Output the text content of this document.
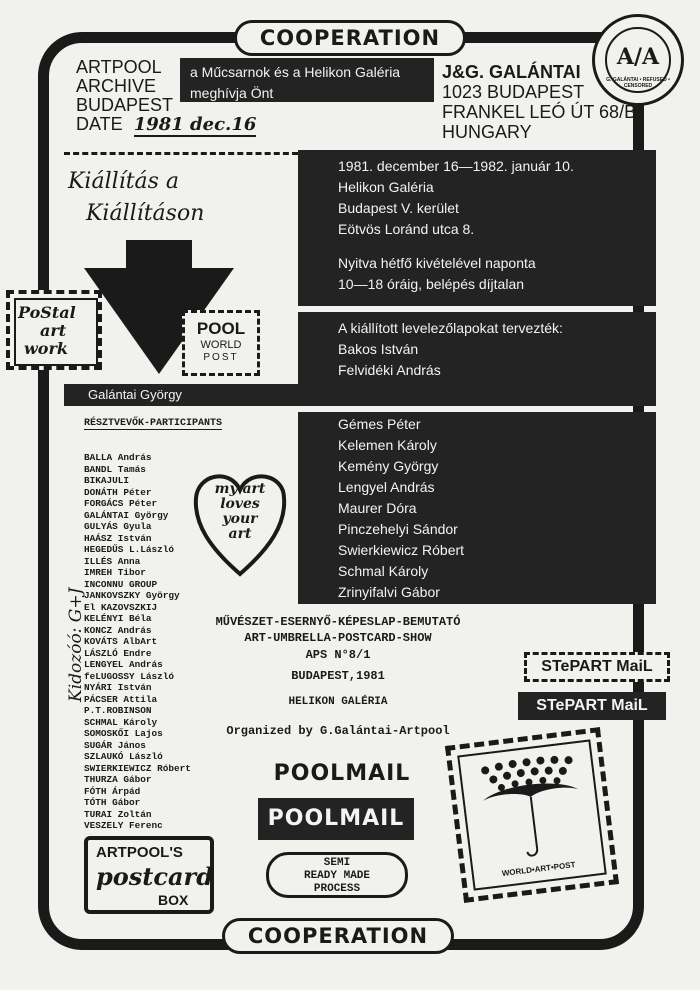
COOPERATION
A/A
G. GALÁNTAI • REFUSED • CENSORED
ARTPOOL
ARCHIVE
BUDAPEST
DATE 1981 dec.16
a Műcsarnok és a Helikon Galéria
meghívja Önt
J&G. GALÁNTAI
1023 BUDAPEST
FRANKEL LEÓ ÚT 68/B
HUNGARY
Kiállítás a
Kiállításon
1981. december 16—1982. január 10.
Helikon Galéria
Budapest V. kerület
Eötvös Loránd utca 8.
Nyitva hétfő kivételével naponta
10—18 óráig, belépés díjtalan
A kiállított levelezőlapokat tervezték:
Bakos István
Felvidéki András
PoStal
art
work
POOL
WORLD
POST
Galántai György
RÉSZTVEVŐK-PARTICIPANTS
BALLA András
BANDL Tamás
BIKAJULI
DONÁTH Péter
FORGÁCS Péter
GALÁNTAI György
GULYÁS Gyula
HAÁSZ István
HEGEDŰS L.László
ILLÉS Anna
IMREH Tibor
INCONNU GROUP
JANKOVSZKY György
El KAZOVSZKIJ
KELÉNYI Béla
KONCZ András
KOVÁTS AlbArt
LÁSZLÓ Endre
LENGYEL András
feLUGOSSY László
NYÁRI István
PÁCSER Attila
P.T.ROBINSON
SCHMAL Károly
SOMOSKŐI Lajos
SUGÁR János
SZLAUKÓ László
SWIERKIEWICZ Róbert
THURZA Gábor
FÓTH Árpád
TÓTH Gábor
TURAI Zoltán
VESZELY Ferenc
Kidozóó: G+J
my art
loves
your
art
Gémes Péter
Kelemen Károly
Kemény György
Lengyel András
Maurer Dóra
Pinczehelyi Sándor
Swierkiewicz Róbert
Schmal Károly
Zrinyifalvi Gábor
MŰVÉSZET-ESERNYŐ-KÉPESLAP-BEMUTATÓ
ART-UMBRELLA-POSTCARD-SHOW
APS N°8/1
BUDAPEST,1981
HELIKON GALÉRIA
Organized by G.Galántai-Artpool
STePART MaiL
STePART MaiL
POOLMAIL
POOLMAIL
SEMI
READY MADE
PROCESS
ARTPOOL'S
postcard
BOX
WORLD•ART•POST
COOPERATION
